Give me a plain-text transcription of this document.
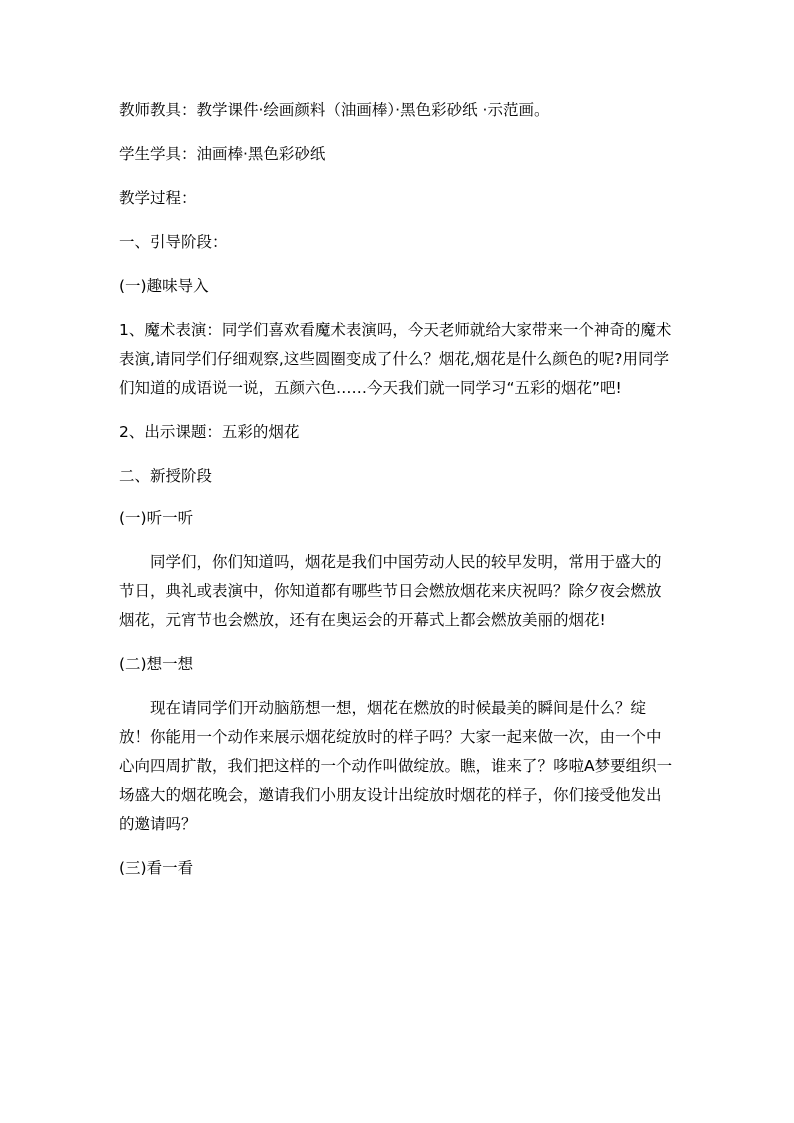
教师教具：教学课件·绘画颜料（油画棒）·黑色彩砂纸 ·示范画。

学生学具：油画棒·黑色彩砂纸

教学过程：

一、引导阶段：

(一)趣味导入

1、魔术表演：同学们喜欢看魔术表演吗，今天老师就给大家带来一个神奇的魔术表演,请同学们仔细观察,这些圆圈变成了什么？烟花,烟花是什么颜色的呢?用同学们知道的成语说一说，五颜六色……今天我们就一同学习“五彩的烟花”吧!

2、出示课题：五彩的烟花

二、新授阶段

(一)听一听

同学们，你们知道吗，烟花是我们中国劳动人民的较早发明，常用于盛大的节日，典礼或表演中，你知道都有哪些节日会燃放烟花来庆祝吗？除夕夜会燃放烟花，元宵节也会燃放，还有在奥运会的开幕式上都会燃放美丽的烟花!

(二)想一想

现在请同学们开动脑筋想一想，烟花在燃放的时候最美的瞬间是什么？绽放！你能用一个动作来展示烟花绽放时的样子吗？大家一起来做一次，由一个中心向四周扩散，我们把这样的一个动作叫做绽放。瞧，谁来了？哆啦A梦要组织一场盛大的烟花晚会，邀请我们小朋友设计出绽放时烟花的样子，你们接受他发出的邀请吗？

(三)看一看
